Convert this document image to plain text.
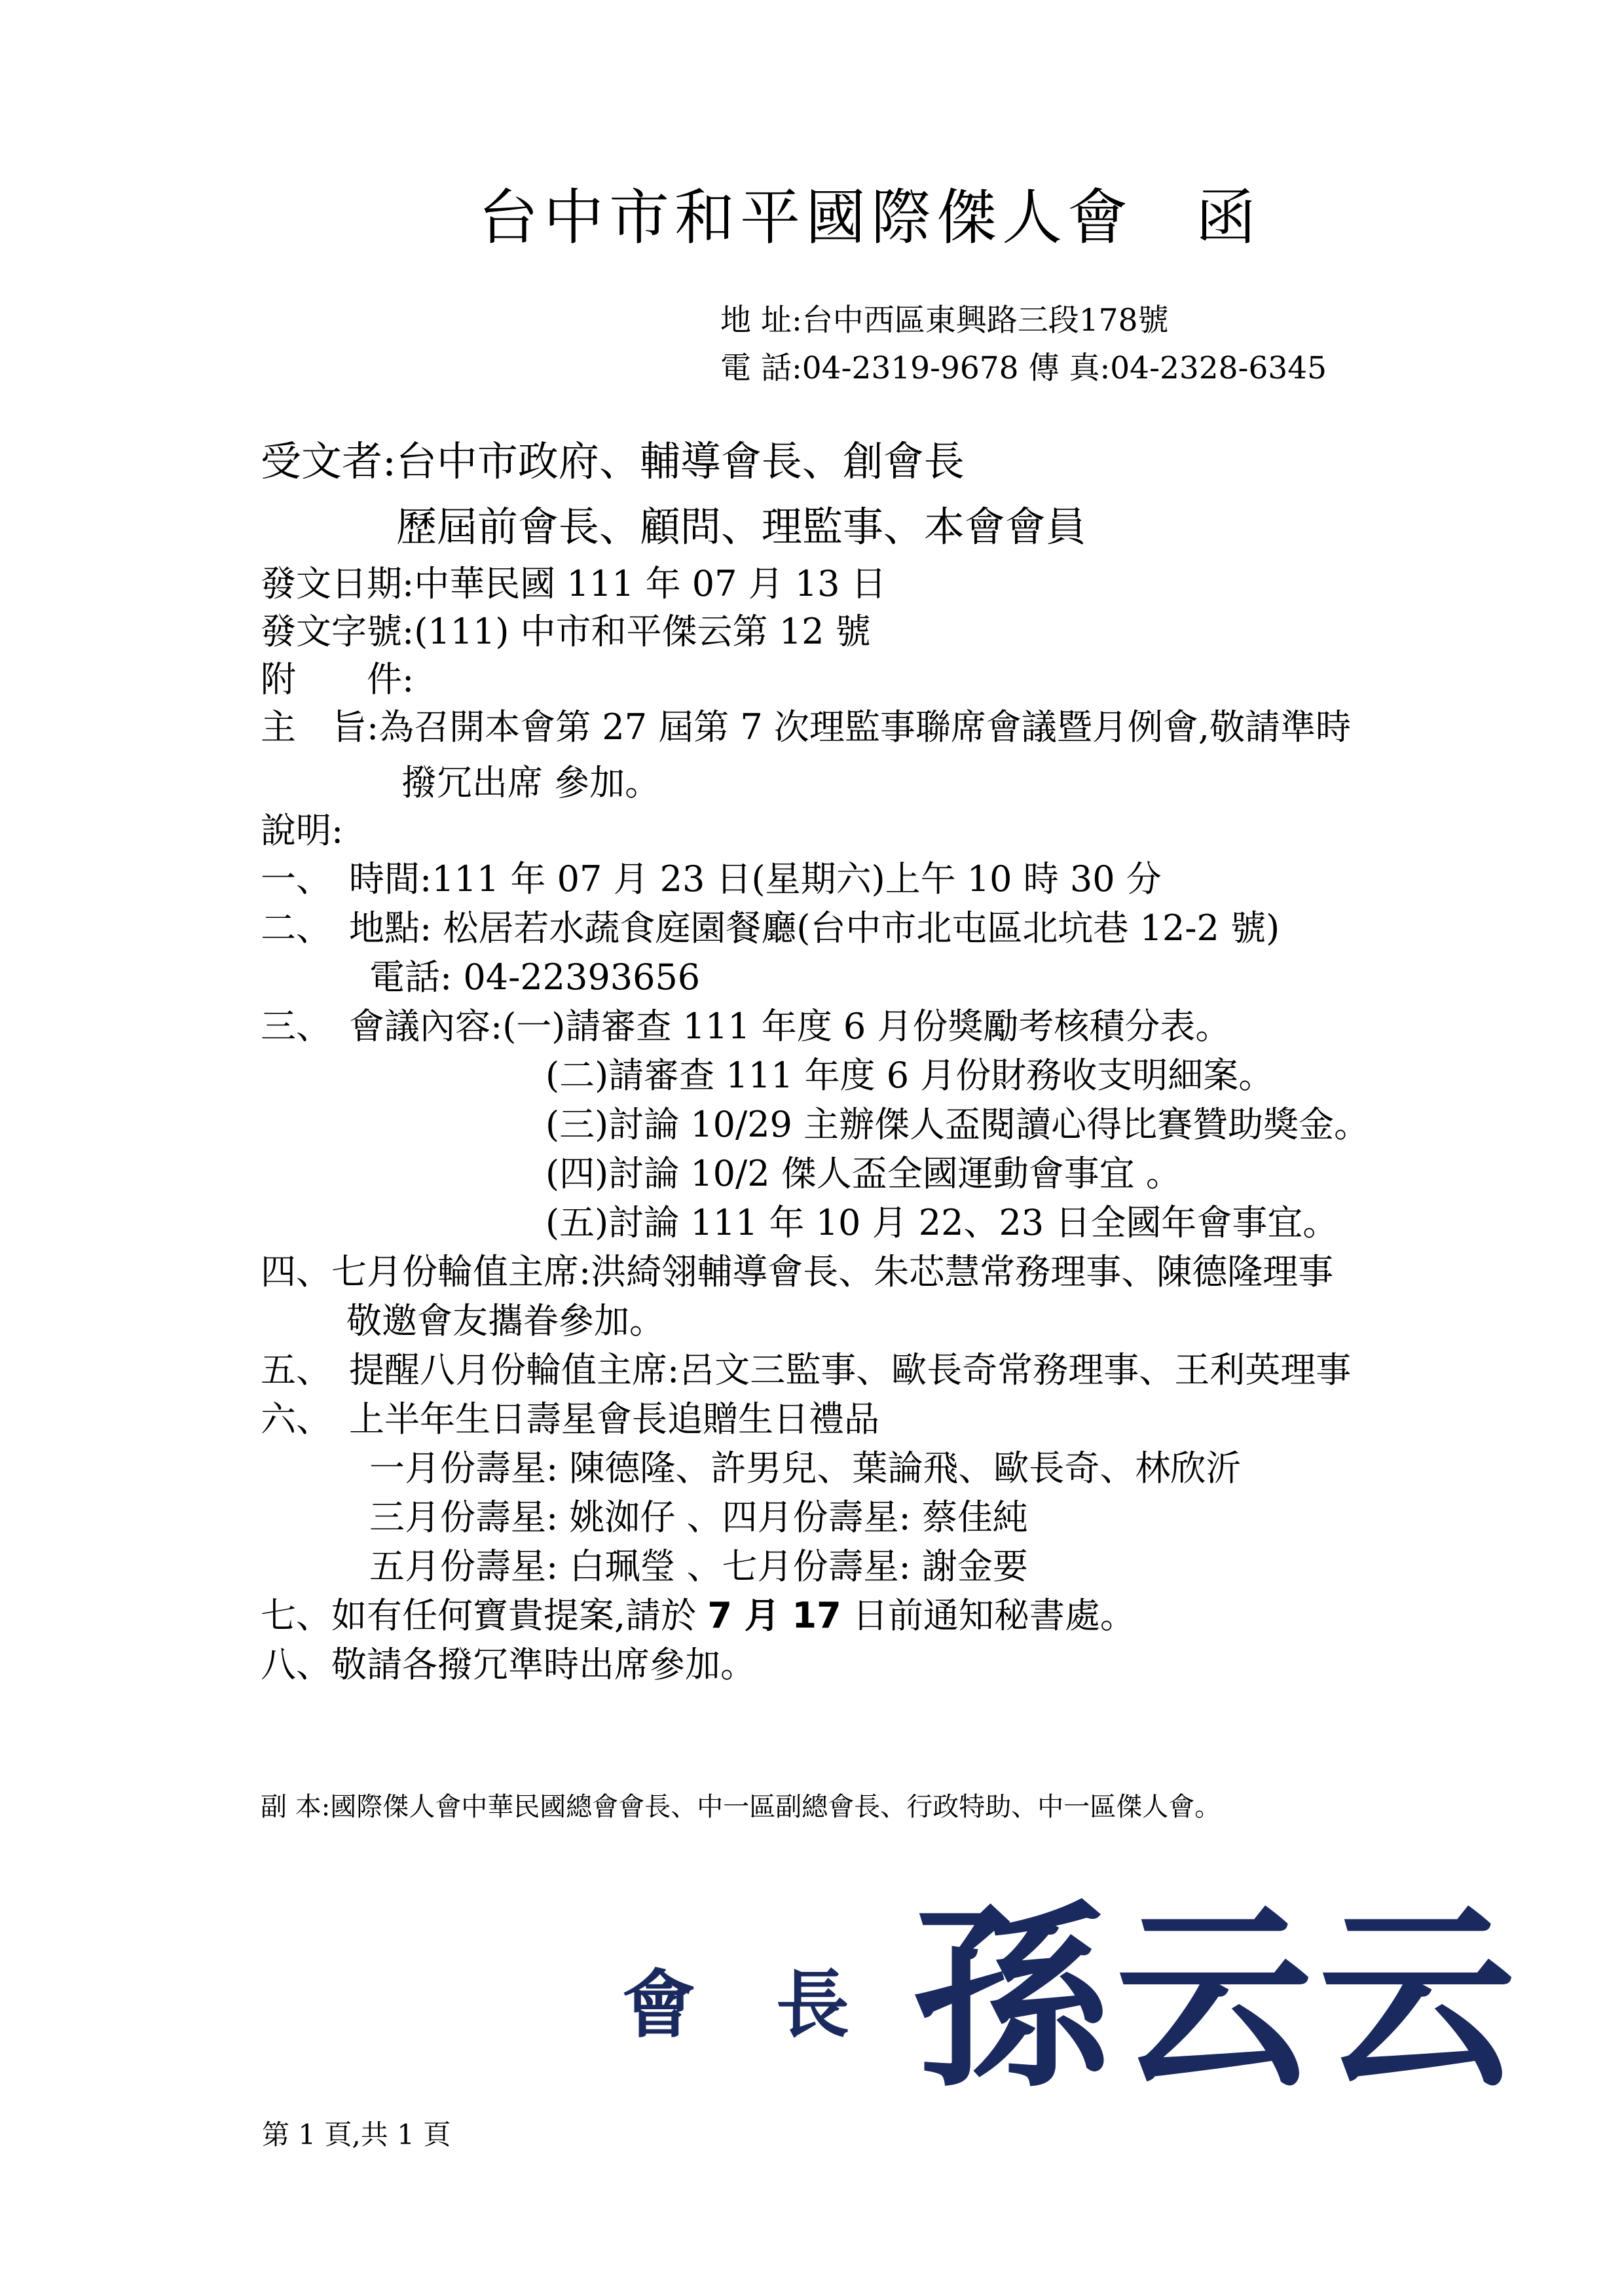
台中市和平國際傑人會 函
地 址:台中西區東興路三段178號
電 話:04-2319-9678 傳 真:04-2328-6345
受文者: 台中市政府、輔導會長、創會長
歷屆前會長、顧問、理監事、本會會員
發文日期:中華民國 111 年 07 月 13 日
發文字號:(111) 中市和平傑云第 12 號
附　　件:
主　旨:為召開本會第 27 屆第 7 次理監事聯席會議暨月例會,敬請準時
撥冗出席 參加。
說明:
一、　時間:111 年 07 月 23 日(星期六)上午 10 時 30 分
二、　地點: 松居若水蔬食庭園餐廳(台中市北屯區北坑巷 12-2 號)
電話: 04-22393656
三、　會議內容:(一)請審查 111 年度 6 月份獎勵考核積分表。
(二)請審查 111 年度 6 月份財務收支明細案。
(三)討論 10/29 主辦傑人盃閱讀心得比賽贊助獎金。
(四)討論 10/2 傑人盃全國運動會事宜 。
(五)討論 111 年 10 月 22、23 日全國年會事宜。
四、七月份輪值主席:洪綺翎輔導會長、朱芯慧常務理事、陳德隆理事
敬邀會友攜眷參加。
五、　提醒八月份輪值主席:呂文三監事、歐長奇常務理事、王利英理事
六、　上半年生日壽星會長追贈生日禮品
一月份壽星: 陳德隆、許男兒、葉論飛、歐長奇、林欣沂
三月份壽星: 姚洳仔 、四月份壽星: 蔡佳純
五月份壽星: 白珮瑩 、七月份壽星: 謝金要
七、如有任何寶貴提案,請於 7 月 17 日前通知秘書處。
八、敬請各撥冗準時出席參加。
副 本:國際傑人會中華民國總會會長、中一區副總會長、行政特助、中一區傑人會。
會 長 孫云云
第 1 頁,共 1 頁
